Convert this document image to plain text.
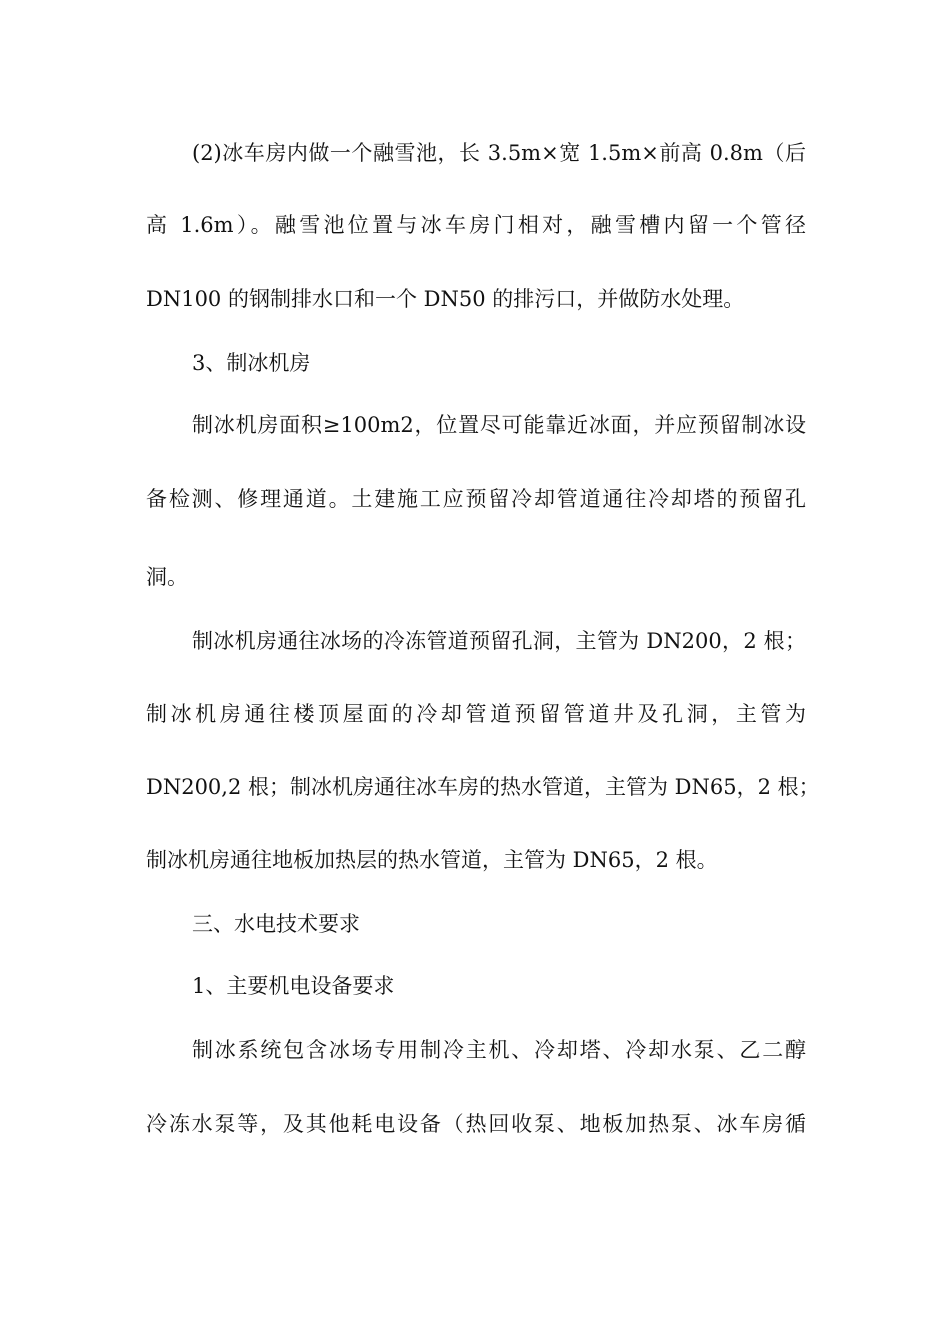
(2)冰车房内做一个融雪池，长 3.5m×宽 1.5m×前高 0.8m（后

高 1.6m）。融雪池位置与冰车房门相对，融雪槽内留一个管径

DN100 的钢制排水口和一个 DN50 的排污口，并做防水处理。

3、制冰机房

制冰机房面积≥100m2，位置尽可能靠近冰面，并应预留制冰设

备检测、修理通道。土建施工应预留冷却管道通往冷却塔的预留孔

洞。

制冰机房通往冰场的冷冻管道预留孔洞，主管为 DN200，2 根；

制冰机房通往楼顶屋面的冷却管道预留管道井及孔洞，主管为

DN200,2 根；制冰机房通往冰车房的热水管道，主管为 DN65，2 根；

制冰机房通往地板加热层的热水管道，主管为 DN65，2 根。

三、水电技术要求

1、主要机电设备要求

制冰系统包含冰场专用制冷主机、冷却塔、冷却水泵、乙二醇

冷冻水泵等，及其他耗电设备（热回收泵、地板加热泵、冰车房循
